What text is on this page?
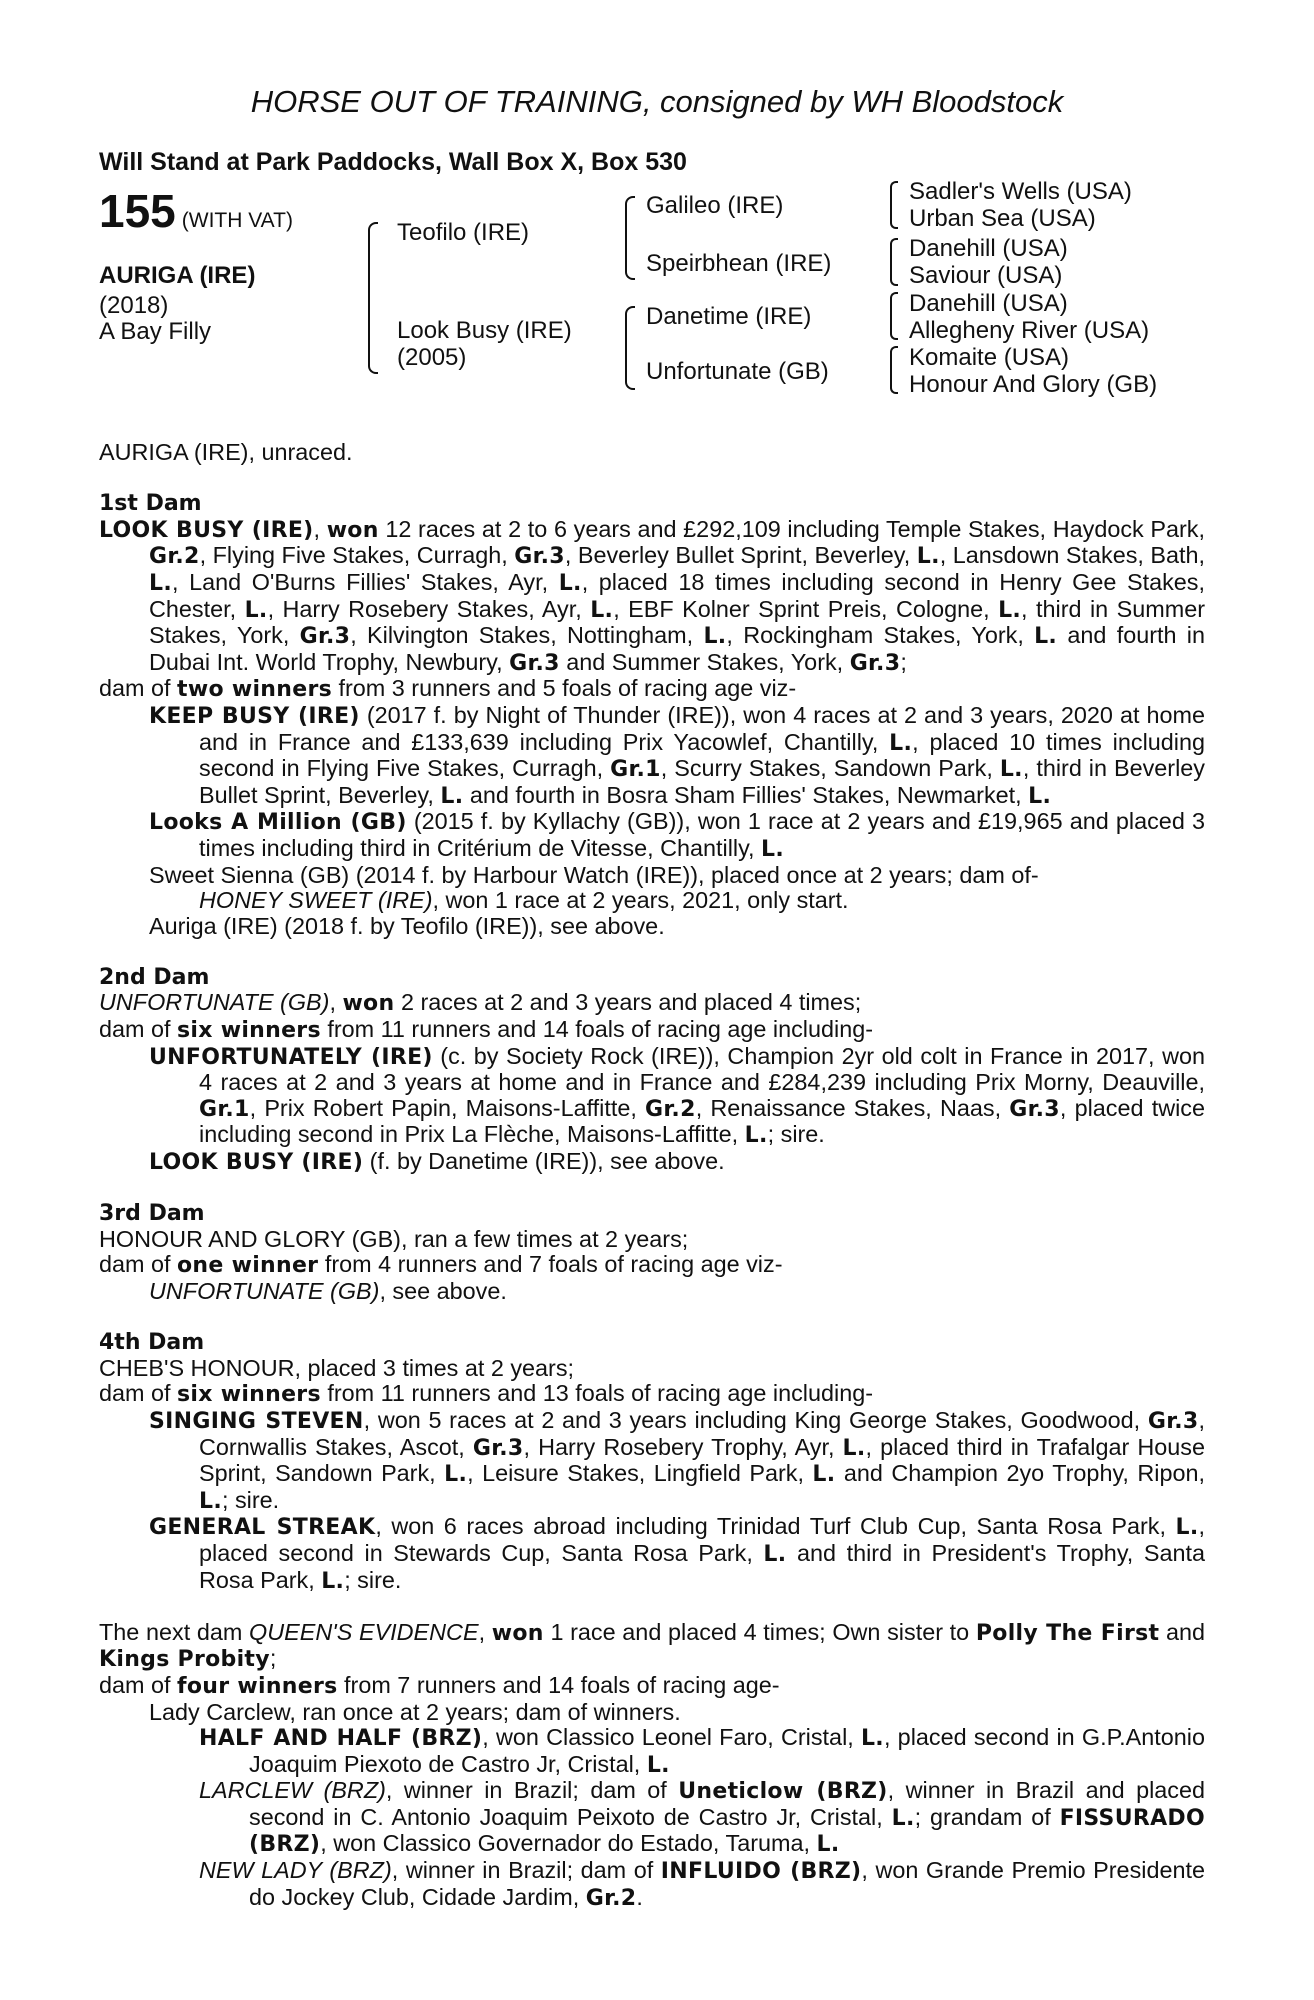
HORSE OUT OF TRAINING, consigned by WH Bloodstock
Will Stand at Park Paddocks, Wall Box X, Box 530
155 (WITH VAT)
AURIGA (IRE)
(2018)
A Bay Filly
Teofilo (IRE)
Look Busy (IRE)
(2005)
Galileo (IRE)
Speirbhean (IRE)
Danetime (IRE)
Unfortunate (GB)
Sadler's Wells (USA)
Urban Sea (USA)
Danehill (USA)
Saviour (USA)
Danehill (USA)
Allegheny River (USA)
Komaite (USA)
Honour And Glory (GB)

AURIGA (IRE), unraced.

1st Dam

LOOK BUSY (IRE), won 12 races at 2 to 6 years and £292,109 including Temple Stakes, Haydock Park, Gr.2, Flying Five Stakes, Curragh, Gr.3, Beverley Bullet Sprint, Beverley, L., Lansdown Stakes, Bath, L., Land O'Burns Fillies' Stakes, Ayr, L., placed 18 times including second in Henry Gee Stakes, Chester, L., Harry Rosebery Stakes, Ayr, L., EBF Kolner Sprint Preis, Cologne, L., third in Summer Stakes, York, Gr.3, Kilvington Stakes, Nottingham, L., Rockingham Stakes, York, L. and fourth in Dubai Int. World Trophy, Newbury, Gr.3 and Summer Stakes, York, Gr.3;

dam of two winners from 3 runners and 5 foals of racing age viz-

KEEP BUSY (IRE) (2017 f. by Night of Thunder (IRE)), won 4 races at 2 and 3 years, 2020 at home and in France and £133,639 including Prix Yacowlef, Chantilly, L., placed 10 times including second in Flying Five Stakes, Curragh, Gr.1, Scurry Stakes, Sandown Park, L., third in Beverley Bullet Sprint, Beverley, L. and fourth in Bosra Sham Fillies' Stakes, Newmarket, L.

Looks A Million (GB) (2015 f. by Kyllachy (GB)), won 1 race at 2 years and £19,965 and placed 3 times including third in Critérium de Vitesse, Chantilly, L.

Sweet Sienna (GB) (2014 f. by Harbour Watch (IRE)), placed once at 2 years; dam of-

HONEY SWEET (IRE), won 1 race at 2 years, 2021, only start.

Auriga (IRE) (2018 f. by Teofilo (IRE)), see above.

2nd Dam

UNFORTUNATE (GB), won 2 races at 2 and 3 years and placed 4 times;

dam of six winners from 11 runners and 14 foals of racing age including-

UNFORTUNATELY (IRE) (c. by Society Rock (IRE)), Champion 2yr old colt in France in 2017, won 4 races at 2 and 3 years at home and in France and £284,239 including Prix Morny, Deauville, Gr.1, Prix Robert Papin, Maisons-Laffitte, Gr.2, Renaissance Stakes, Naas, Gr.3, placed twice including second in Prix La Flèche, Maisons-Laffitte, L.; sire.

LOOK BUSY (IRE) (f. by Danetime (IRE)), see above.

3rd Dam

HONOUR AND GLORY (GB), ran a few times at 2 years;

dam of one winner from 4 runners and 7 foals of racing age viz-

UNFORTUNATE (GB), see above.

4th Dam

CHEB'S HONOUR, placed 3 times at 2 years;

dam of six winners from 11 runners and 13 foals of racing age including-

SINGING STEVEN, won 5 races at 2 and 3 years including King George Stakes, Goodwood, Gr.3, Cornwallis Stakes, Ascot, Gr.3, Harry Rosebery Trophy, Ayr, L., placed third in Trafalgar House Sprint, Sandown Park, L., Leisure Stakes, Lingfield Park, L. and Champion 2yo Trophy, Ripon, L.; sire.

GENERAL STREAK, won 6 races abroad including Trinidad Turf Club Cup, Santa Rosa Park, L., placed second in Stewards Cup, Santa Rosa Park, L. and third in President's Trophy, Santa Rosa Park, L.; sire.

The next dam QUEEN'S EVIDENCE, won 1 race and placed 4 times; Own sister to Polly The First and Kings Probity;

dam of four winners from 7 runners and 14 foals of racing age-

Lady Carclew, ran once at 2 years; dam of winners.

HALF AND HALF (BRZ), won Classico Leonel Faro, Cristal, L., placed second in G.P.Antonio Joaquim Piexoto de Castro Jr, Cristal, L.

LARCLEW (BRZ), winner in Brazil; dam of Uneticlow (BRZ), winner in Brazil and placed second in C. Antonio Joaquim Peixoto de Castro Jr, Cristal, L.; grandam of FISSURADO (BRZ), won Classico Governador do Estado, Taruma, L.

NEW LADY (BRZ), winner in Brazil; dam of INFLUIDO (BRZ), won Grande Premio Presidente do Jockey Club, Cidade Jardim, Gr.2.
